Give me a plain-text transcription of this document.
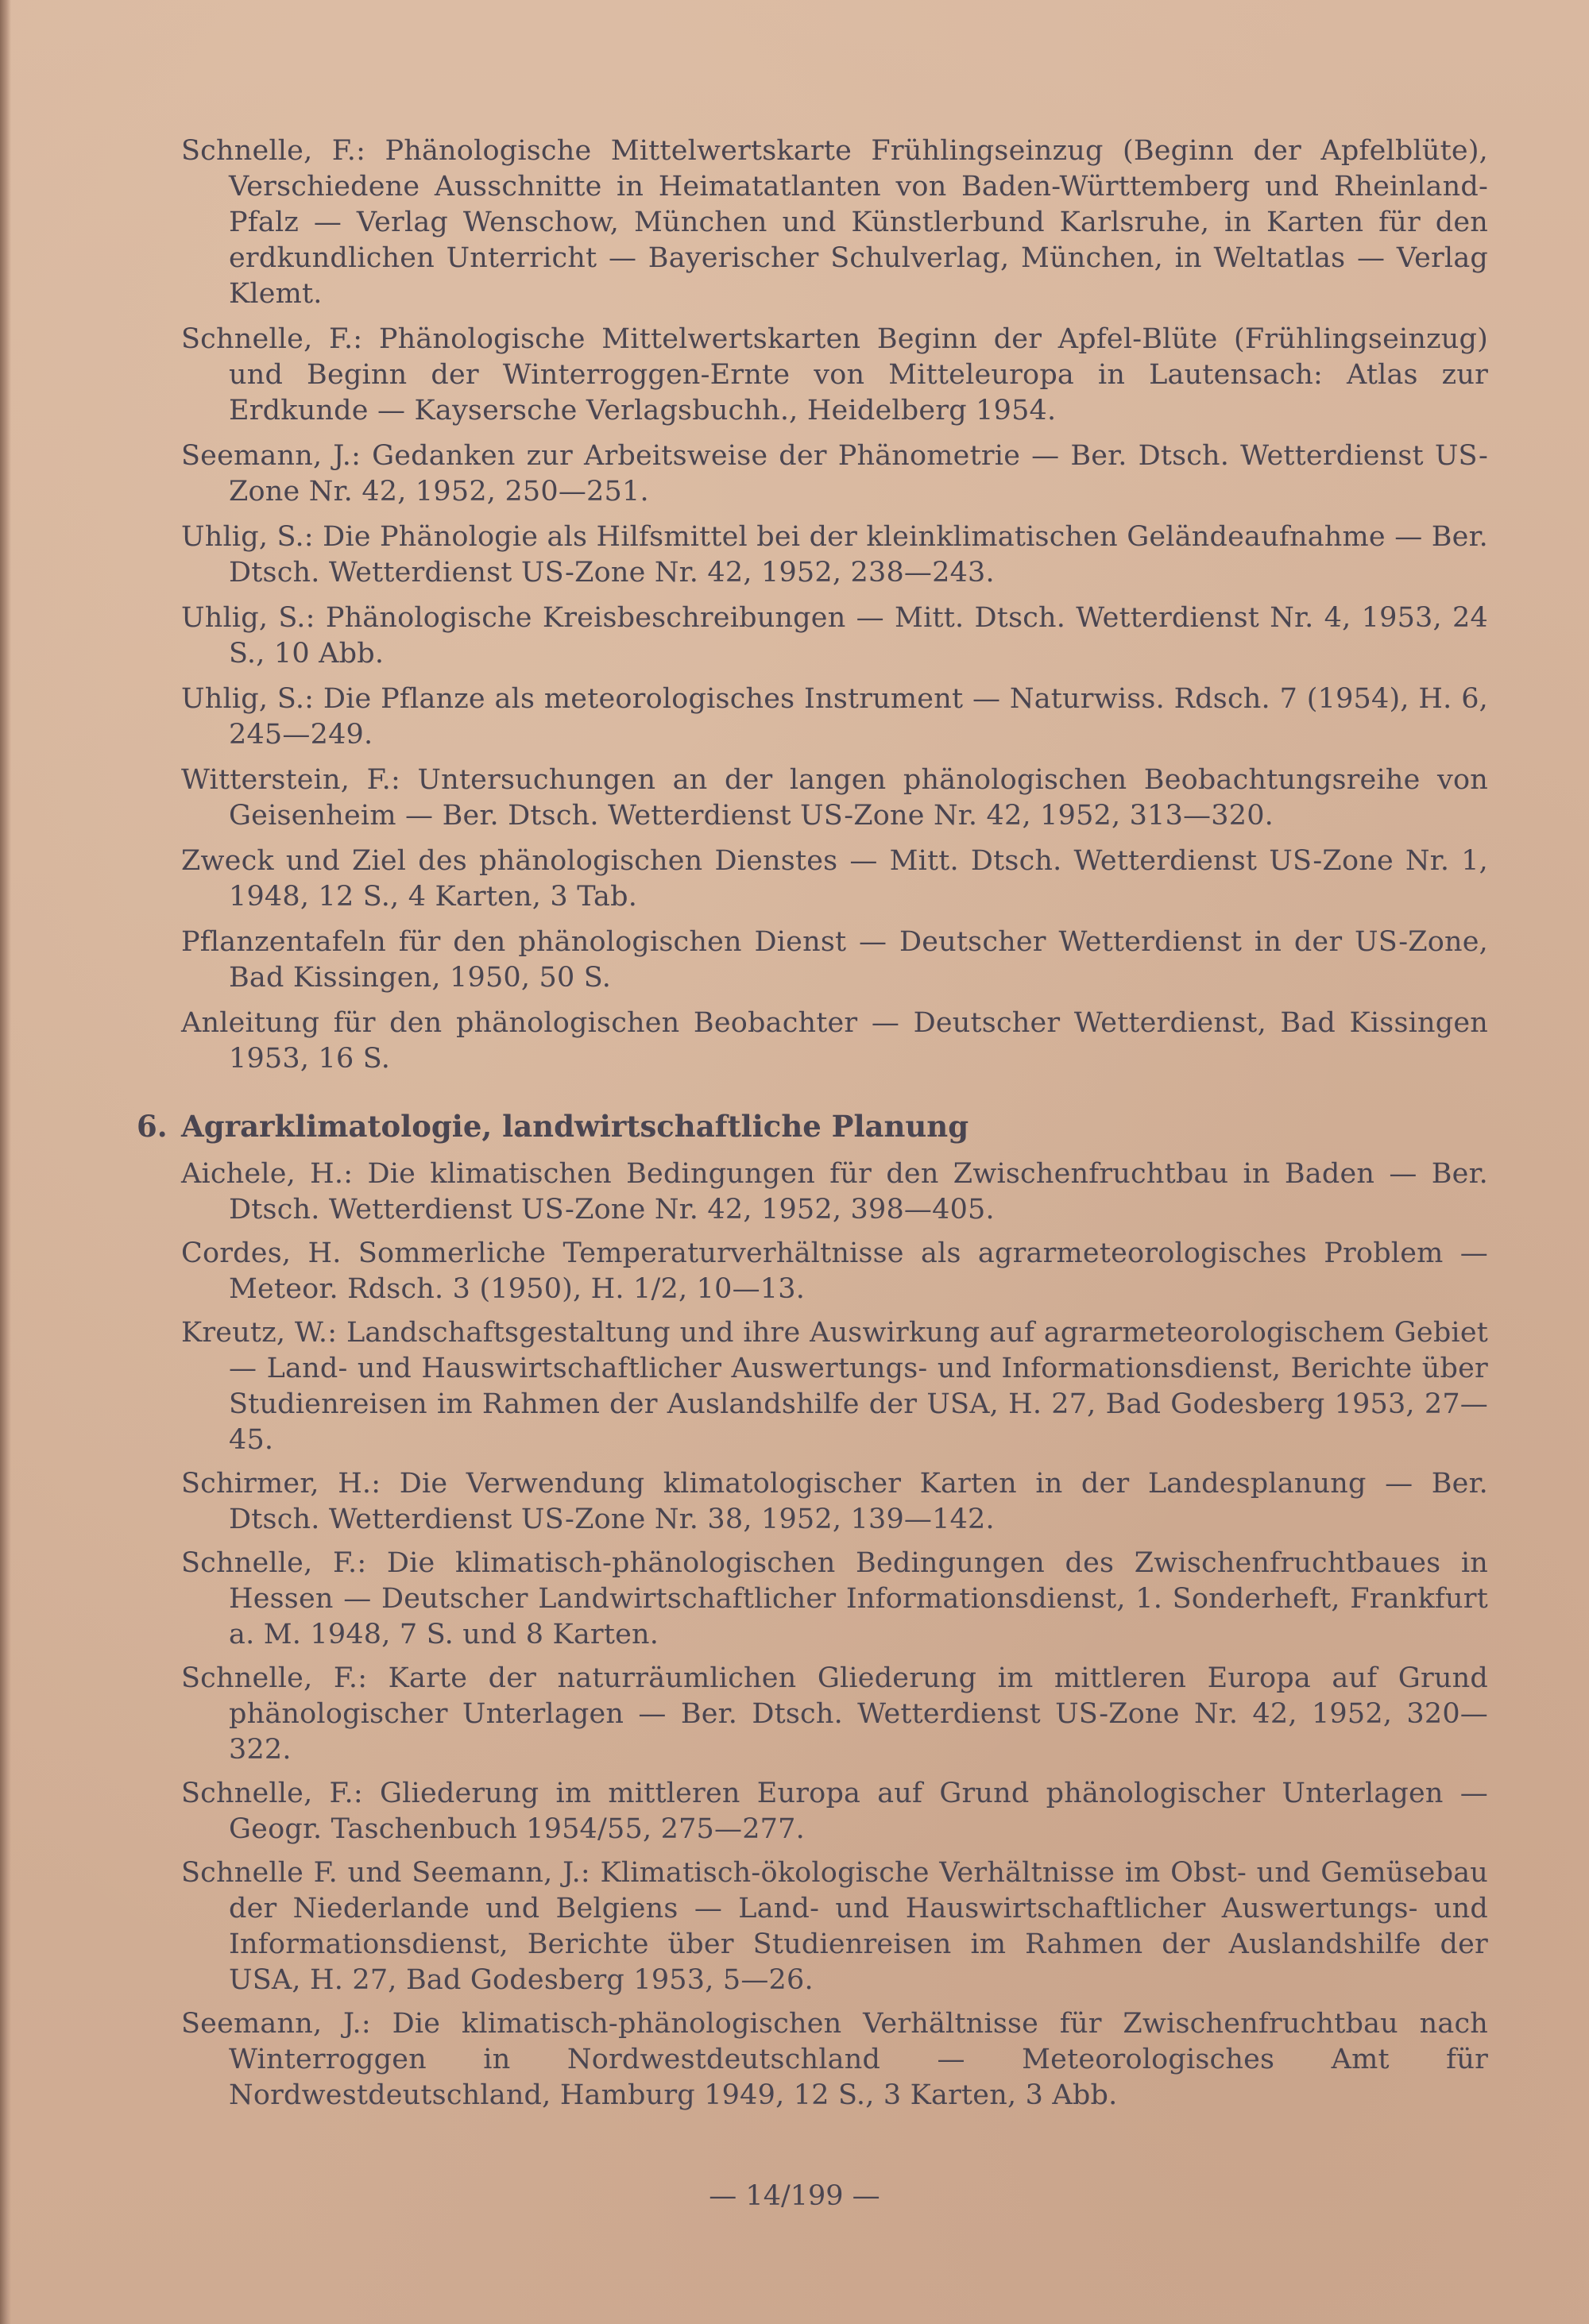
Schnelle, F.: Phänologische Mittelwertskarte Frühlingseinzug (Beginn der Apfelblüte), Verschiedene Ausschnitte in Heimatatlanten von Baden-Württemberg und Rheinland-Pfalz — Verlag Wenschow, München und Künstlerbund Karlsruhe, in Karten für den erdkundlichen Unterricht — Bayerischer Schulverlag, München, in Weltatlas — Verlag Klemt.

Schnelle, F.: Phänologische Mittelwertskarten Beginn der Apfel-Blüte (Frühlingseinzug) und Beginn der Winterroggen-Ernte von Mitteleuropa in Lautensach: Atlas zur Erdkunde — Kaysersche Verlagsbuchh., Heidelberg 1954.

Seemann, J.: Gedanken zur Arbeitsweise der Phänometrie — Ber. Dtsch. Wetterdienst US-Zone Nr. 42, 1952, 250—251.

Uhlig, S.: Die Phänologie als Hilfsmittel bei der kleinklimatischen Geländeaufnahme — Ber. Dtsch. Wetterdienst US-Zone Nr. 42, 1952, 238—243.

Uhlig, S.: Phänologische Kreisbeschreibungen — Mitt. Dtsch. Wetterdienst Nr. 4, 1953, 24 S., 10 Abb.

Uhlig, S.: Die Pflanze als meteorologisches Instrument — Naturwiss. Rdsch. 7 (1954), H. 6, 245—249.

Witterstein, F.: Untersuchungen an der langen phänologischen Beobachtungsreihe von Geisenheim — Ber. Dtsch. Wetterdienst US-Zone Nr. 42, 1952, 313—320.

Zweck und Ziel des phänologischen Dienstes — Mitt. Dtsch. Wetterdienst US-Zone Nr. 1, 1948, 12 S., 4 Karten, 3 Tab.

Pflanzentafeln für den phänologischen Dienst — Deutscher Wetterdienst in der US-Zone, Bad Kissingen, 1950, 50 S.

Anleitung für den phänologischen Beobachter — Deutscher Wetterdienst, Bad Kissingen 1953, 16 S.

6. Agrarklimatologie, landwirtschaftliche Planung

Aichele, H.: Die klimatischen Bedingungen für den Zwischenfruchtbau in Baden — Ber. Dtsch. Wetterdienst US-Zone Nr. 42, 1952, 398—405.

Cordes, H. Sommerliche Temperaturverhältnisse als agrarmeteorologisches Problem — Meteor. Rdsch. 3 (1950), H. 1/2, 10—13.

Kreutz, W.: Landschaftsgestaltung und ihre Auswirkung auf agrarmeteorologischem Gebiet — Land- und Hauswirtschaftlicher Auswertungs- und Informationsdienst, Berichte über Studienreisen im Rahmen der Auslandshilfe der USA, H. 27, Bad Godesberg 1953, 27—45.

Schirmer, H.: Die Verwendung klimatologischer Karten in der Landesplanung — Ber. Dtsch. Wetterdienst US-Zone Nr. 38, 1952, 139—142.

Schnelle, F.: Die klimatisch-phänologischen Bedingungen des Zwischenfruchtbaues in Hessen — Deutscher Landwirtschaftlicher Informationsdienst, 1. Sonderheft, Frankfurt a. M. 1948, 7 S. und 8 Karten.

Schnelle, F.: Karte der naturräumlichen Gliederung im mittleren Europa auf Grund phänologischer Unterlagen — Ber. Dtsch. Wetterdienst US-Zone Nr. 42, 1952, 320—322.

Schnelle, F.: Gliederung im mittleren Europa auf Grund phänologischer Unterlagen — Geogr. Taschenbuch 1954/55, 275—277.

Schnelle F. und Seemann, J.: Klimatisch-ökologische Verhältnisse im Obst- und Gemüsebau der Niederlande und Belgiens — Land- und Hauswirtschaftlicher Auswertungs- und Informationsdienst, Berichte über Studienreisen im Rahmen der Auslandshilfe der USA, H. 27, Bad Godesberg 1953, 5—26.

Seemann, J.: Die klimatisch-phänologischen Verhältnisse für Zwischenfruchtbau nach Winterroggen in Nordwestdeutschland — Meteorologisches Amt für Nordwestdeutschland, Hamburg 1949, 12 S., 3 Karten, 3 Abb.

— 14/199 —
